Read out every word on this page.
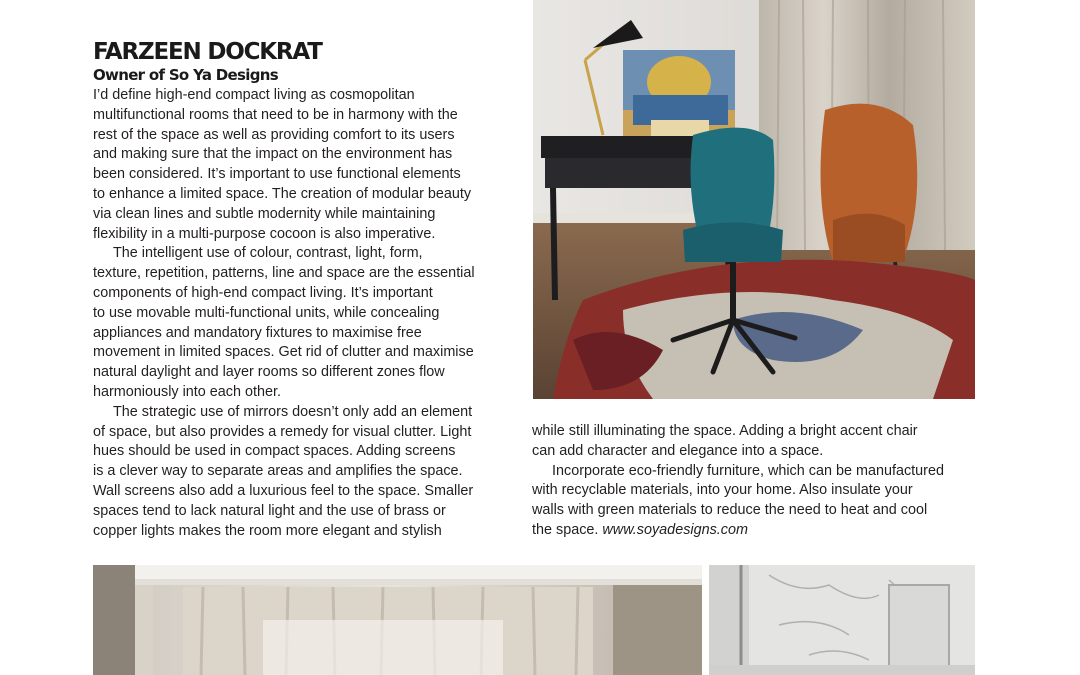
FARZEEN DOCKRAT
Owner of So Ya Designs
I’d define high-end compact living as cosmopolitan
multifunctional rooms that need to be in harmony with the
rest of the space as well as providing comfort to its users
and making sure that the impact on the environment has
been considered. It’s important to use functional elements
to enhance a limited space. The creation of modular beauty
via clean lines and subtle modernity while maintaining
flexibility in a multi-purpose cocoon is also imperative.
The intelligent use of colour, contrast, light, form,
texture, repetition, patterns, line and space are the essential
components of high-end compact living. It’s important
to use movable multi-functional units, while concealing
appliances and mandatory fixtures to maximise free
movement in limited spaces. Get rid of clutter and maximise
natural daylight and layer rooms so different zones flow
harmoniously into each other.
The strategic use of mirrors doesn’t only add an element
of space, but also provides a remedy for visual clutter. Light
hues should be used in compact spaces. Adding screens
is a clever way to separate areas and amplifies the space.
Wall screens also add a luxurious feel to the space. Smaller
spaces tend to lack natural light and the use of brass or
copper lights makes the room more elegant and stylish
while still illuminating the space. Adding a bright accent chair
can add character and elegance into a space.
Incorporate eco-friendly furniture, which can be manufactured
with recyclable materials, into your home. Also insulate your
walls with green materials to reduce the need to heat and cool
the space. www.soyadesigns.com
